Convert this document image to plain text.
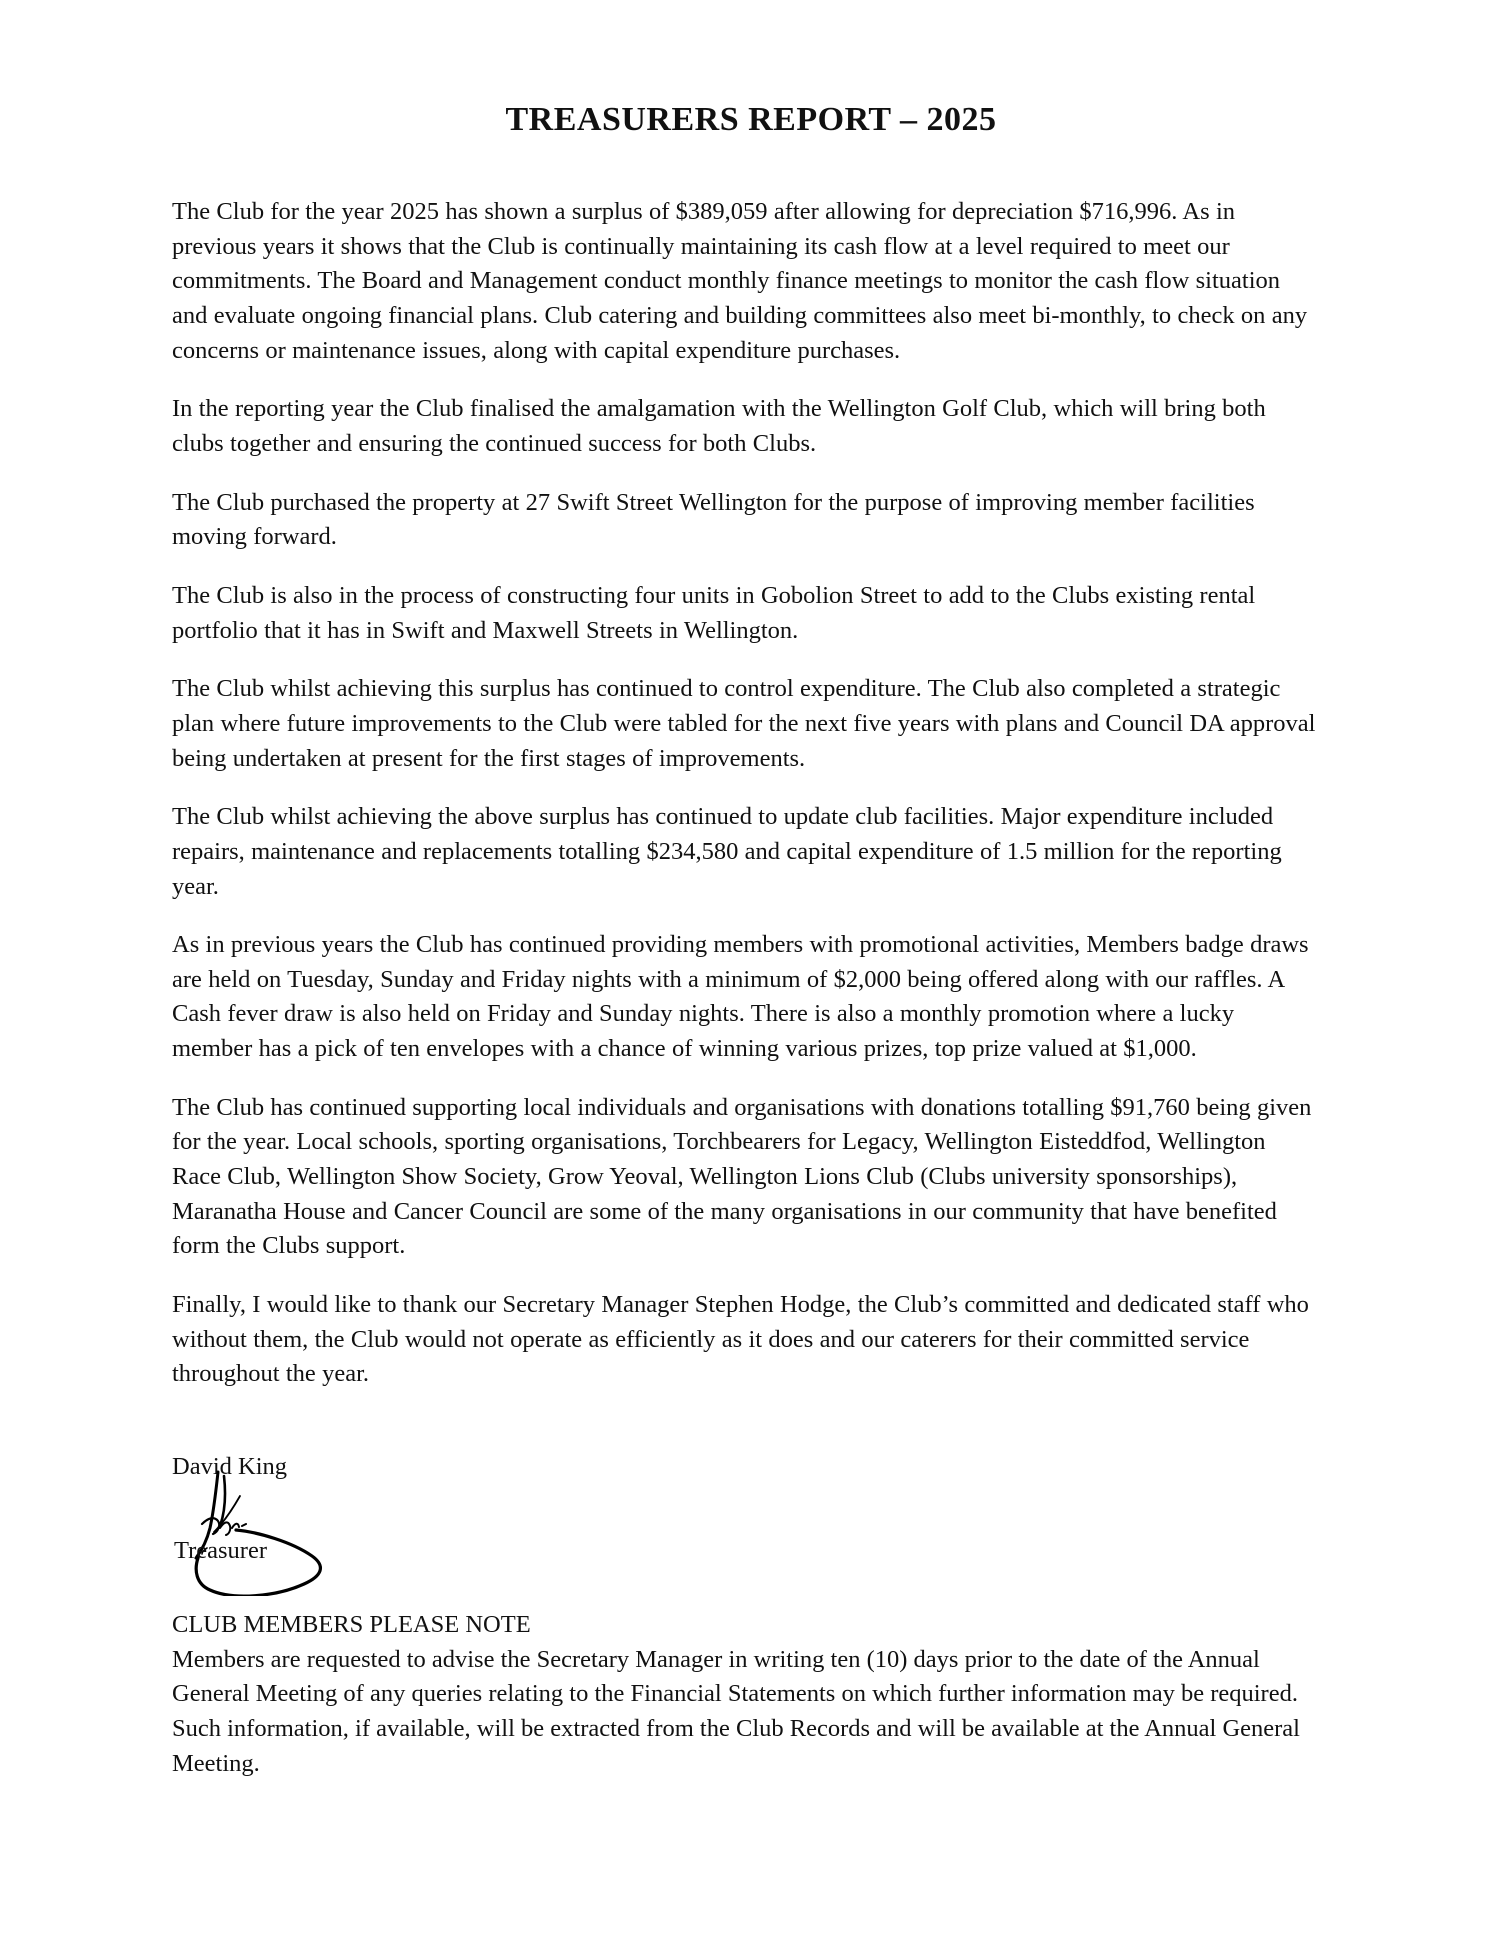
TREASURERS REPORT – 2025

The Club for the year 2025 has shown a surplus of $389,059 after allowing for depreciation $716,996. As in previous years it shows that the Club is continually maintaining its cash flow at a level required to meet our commitments. The Board and Management conduct monthly finance meetings to monitor the cash flow situation and evaluate ongoing financial plans. Club catering and building committees also meet bi-monthly, to check on any concerns or maintenance issues, along with capital expenditure purchases.

In the reporting year the Club finalised the amalgamation with the Wellington Golf Club, which will bring both clubs together and ensuring the continued success for both Clubs.

The Club purchased the property at 27 Swift Street Wellington for the purpose of improving member facilities moving forward.

The Club is also in the process of constructing four units in Gobolion Street to add to the Clubs existing rental portfolio that it has in Swift and Maxwell Streets in Wellington.

The Club whilst achieving this surplus has continued to control expenditure. The Club also completed a strategic plan where future improvements to the Club were tabled for the next five years with plans and Council DA approval being undertaken at present for the first stages of improvements.

The Club whilst achieving the above surplus has continued to update club facilities. Major expenditure included repairs, maintenance and replacements totalling $234,580 and capital expenditure of 1.5 million for the reporting year.

As in previous years the Club has continued providing members with promotional activities, Members badge draws are held on Tuesday, Sunday and Friday nights with a minimum of $2,000 being offered along with our raffles. A Cash fever draw is also held on Friday and Sunday nights. There is also a monthly promotion where a lucky member has a pick of ten envelopes with a chance of winning various prizes, top prize valued at $1,000.

The Club has continued supporting local individuals and organisations with donations totalling $91,760 being given for the year. Local schools, sporting organisations, Torchbearers for Legacy, Wellington Eisteddfod, Wellington Race Club, Wellington Show Society, Grow Yeoval, Wellington Lions Club (Clubs university sponsorships), Maranatha House and Cancer Council are some of the many organisations in our community that have benefited form the Clubs support.

Finally, I would like to thank our Secretary Manager Stephen Hodge, the Club’s committed and dedicated staff who without them, the Club would not operate as efficiently as it does and our caterers for their committed service throughout the year.

David King

Treasurer

CLUB MEMBERS PLEASE NOTE

Members are requested to advise the Secretary Manager in writing ten (10) days prior to the date of the Annual General Meeting of any queries relating to the Financial Statements on which further information may be required. Such information, if available, will be extracted from the Club Records and will be available at the Annual General Meeting.
